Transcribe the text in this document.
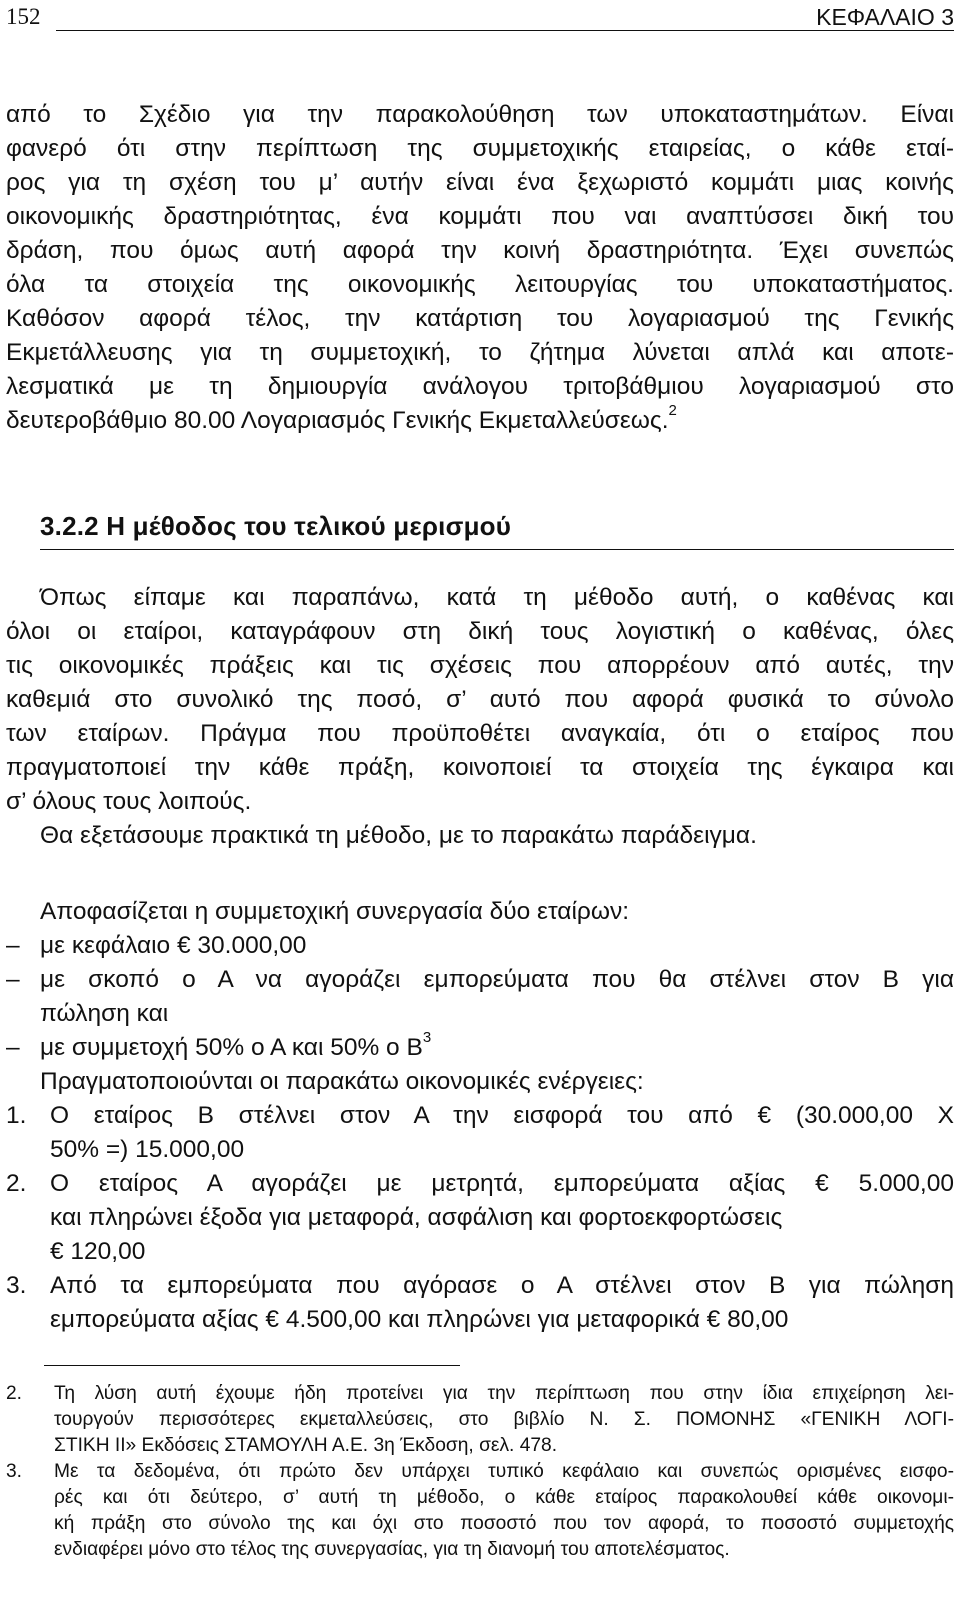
152	ΚΕΦΑΛΑΙΟ 3
από το Σχέδιο για την παρακολούθηση των υποκαταστημάτων. Είναι
φανερό ότι στην περίπτωση της συμμετοχικής εταιρείας, ο κάθε εταί-
ρος για τη σχέση του μ’ αυτήν είναι ένα ξεχωριστό κομμάτι μιας κοινής
οικονομικής δραστηριότητας, ένα κομμάτι που ναι αναπτύσσει δική του
δράση, που όμως αυτή αφορά την κοινή δραστηριότητα. Έχει συνεπώς
όλα τα στοιχεία της οικονομικής λειτουργίας του υποκαταστήματος.
Καθόσον αφορά τέλος, την κατάρτιση του λογαριασμού της Γενικής
Εκμετάλλευσης για τη συμμετοχική, το ζήτημα λύνεται απλά και αποτε-
λεσματικά με τη δημιουργία ανάλογου τριτοβάθμιου λογαριασμού στο
δευτεροβάθμιο 80.00 Λογαριασμός Γενικής Εκμεταλλεύσεως.$^2$
3.2.2 Η μέθοδος του τελικού μερισμού
Όπως είπαμε και παραπάνω, κατά τη μέθοδο αυτή, ο καθένας και
όλοι οι εταίροι, καταγράφουν στη δική τους λογιστική ο καθένας, όλες
τις οικονομικές πράξεις και τις σχέσεις που απορρέουν από αυτές, την
καθεμιά στο συνολικό της ποσό, σ’ αυτό που αφορά φυσικά το σύνολο
των εταίρων. Πράγμα που προϋποθέτει αναγκαία, ότι ο εταίρος που
πραγματοποιεί την κάθε πράξη, κοινοποιεί τα στοιχεία της έγκαιρα και
σ’ όλους τους λοιπούς.
Θα εξετάσουμε πρακτικά τη μέθοδο, με το παρακάτω παράδειγμα.
Αποφασίζεται η συμμετοχική συνεργασία δύο εταίρων:
– με κεφάλαιο € 30.000,00
– με σκοπό ο Α να αγοράζει εμπορεύματα που θα στέλνει στον Β για
πώληση και
– με συμμετοχή 50% ο Α και 50% ο $B^3$
Πραγματοποιούνται οι παρακάτω οικονομικές ενέργειες:
1. Ο εταίρος Β στέλνει στον Α την εισφορά του από € (30.000,00 Χ
50% =) 15.000,00
2. Ο εταίρος Α αγοράζει με μετρητά, εμπορεύματα αξίας € 5.000,00
και πληρώνει έξοδα για μεταφορά, ασφάλιση και φορτοεκφορτώσεις
€ 120,00
3. Από τα εμπορεύματα που αγόρασε ο Α στέλνει στον Β για πώληση
εμπορεύματα αξίας € 4.500,00 και πληρώνει για μεταφορικά € 80,00
2.	Τη λύση αυτή έχουμε ήδη προτείνει για την περίπτωση που στην ίδια επιχείρηση λει-
τουργούν περισσότερες εκμεταλλεύσεις, στο βιβλίο Ν. Σ. ΠΟΜΟΝΗΣ «ΓΕΝΙΚΗ ΛΟΓΙ-
ΣΤΙΚΗ ΙΙ» Εκδόσεις ΣΤΑΜΟΥΛΗ Α.Ε. 3η Έκδοση, σελ. 478.
3.	Με τα δεδομένα, ότι πρώτο δεν υπάρχει τυπικό κεφάλαιο και συνεπώς ορισμένες εισφο-
ρές και ότι δεύτερο, σ’ αυτή τη μέθοδο, ο κάθε εταίρος παρακολουθεί κάθε οικονομι-
κή πράξη στο σύνολο της και όχι στο ποσοστό που τον αφορά, το ποσοστό συμμετοχής
ενδιαφέρει μόνο στο τέλος της συνεργασίας, για τη διανομή του αποτελέσματος.
